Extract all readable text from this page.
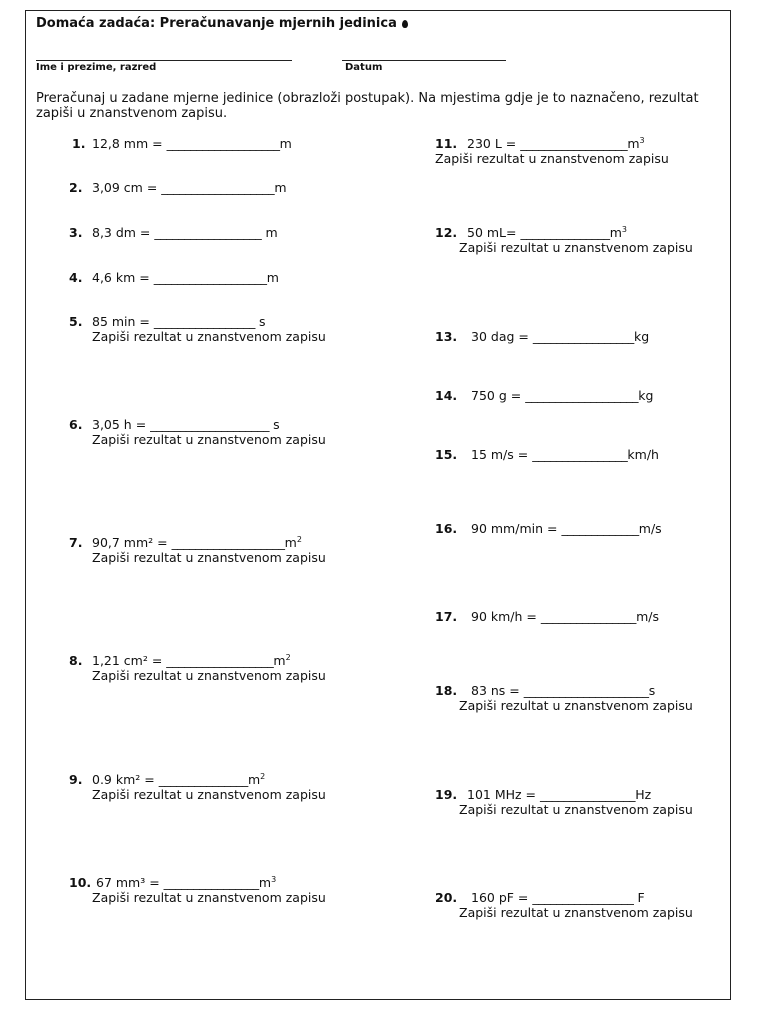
Domaća zadaća: Preračunavanje mjernih jedinica
Ime i prezime, razred	Datum
Preračunaj u zadane mjerne jedinice (obrazloži postupak). Na mjestima gdje je to naznačeno, rezultat zapiši u znanstvenom zapisu.
1. 12,8 mm = ___________________m
2. 3,09 cm = ___________________m
3. 8,3 dm = __________________ m
4. 4,6 km = ___________________m
5. 85 min = _________________ s
Zapiši rezultat u znanstvenom zapisu
6. 3,05 h = ____________________ s
Zapiši rezultat u znanstvenom zapisu
7. 90,7 $mm^2 = \_\_\_\_\_\_\_\_\_\_\_\_\_\_\_\_\_\_\_m^2$
Zapiši rezultat u znanstvenom zapisu
8. 1,21 $cm^2 = \_\_\_\_\_\_\_\_\_\_\_\_\_\_\_\_\_\_m^2$
Zapiši rezultat u znanstvenom zapisu
9. 0.9 $km^2 = \_\_\_\_\_\_\_\_\_\_\_\_\_\_\_m^2$
Zapiši rezultat u znanstvenom zapisu
10. 67 $mm^3 = \_\_\_\_\_\_\_\_\_\_\_\_\_\_\_\_m^3$
Zapiši rezultat u znanstvenom zapisu
11. 230 $L = \_\_\_\_\_\_\_\_\_\_\_\_\_\_\_\_\_\_m^3$
Zapiši rezultat u znanstvenom zapisu
12. 50 $mL= \_\_\_\_\_\_\_\_\_\_\_\_\_\_\_m^3$
Zapiši rezultat u znanstvenom zapisu
13. 30 dag = _________________kg
14. 750 g = ___________________kg
15. 15 m/s = ________________km/h
16. 90 mm/min = _____________m/s
17. 90 km/h = ________________m/s
18. 83 ns = _____________________s
Zapiši rezultat u znanstvenom zapisu
19. 101 MHz = ________________Hz
Zapiši rezultat u znanstvenom zapisu
20. 160 pF = _________________ F
Zapiši rezultat u znanstvenom zapisu
